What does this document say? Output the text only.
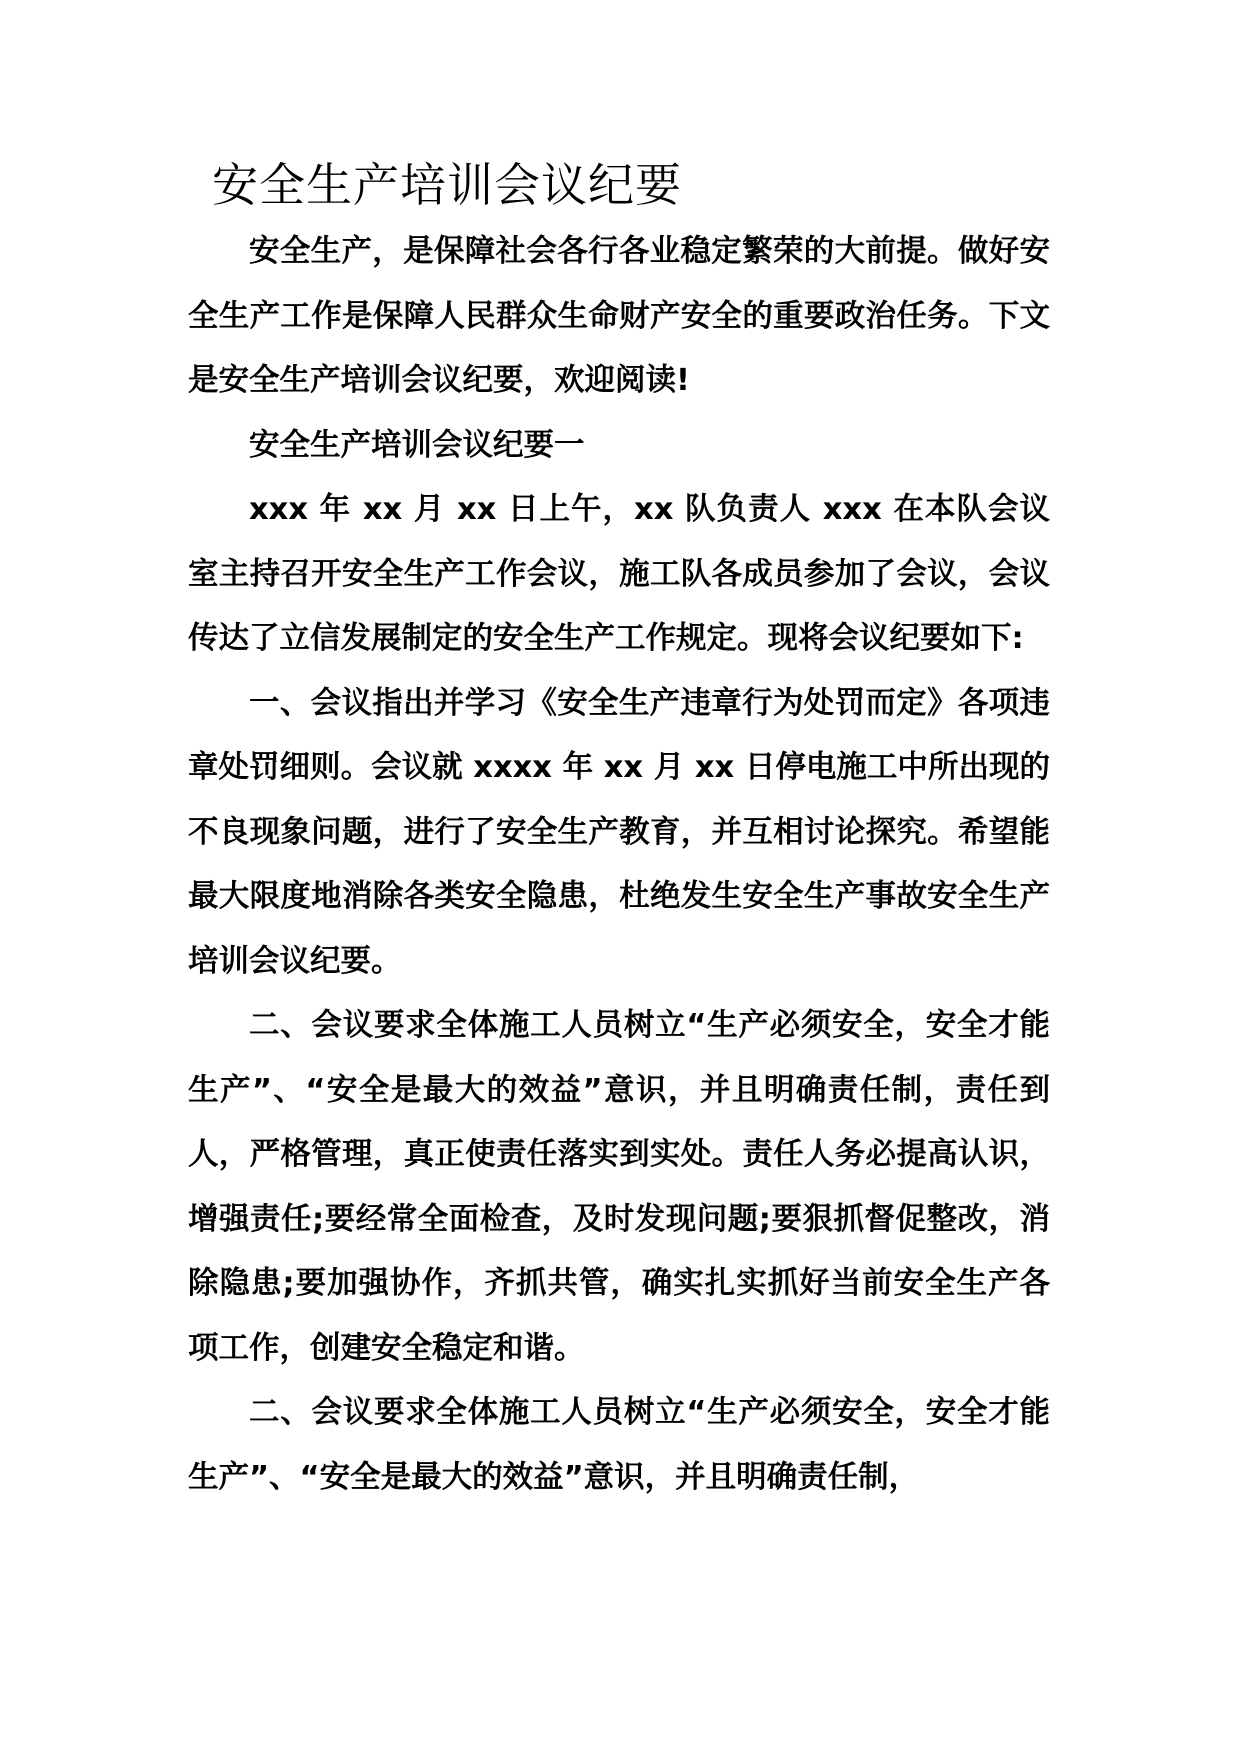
安全生产培训会议纪要

安全生产，是保障社会各行各业稳定繁荣的大前提。做好安全生产工作是保障人民群众生命财产安全的重要政治任务。下文是安全生产培训会议纪要，欢迎阅读!

安全生产培训会议纪要一

xxx 年 xx 月 xx 日上午，xx 队负责人 xxx 在本队会议室主持召开安全生产工作会议，施工队各成员参加了会议，会议传达了立信发展制定的安全生产工作规定。现将会议纪要如下:

一、会议指出并学习《安全生产违章行为处罚而定》各项违章处罚细则。会议就 xxxx 年 xx 月 xx 日停电施工中所出现的不良现象问题，进行了安全生产教育，并互相讨论探究。希望能最大限度地消除各类安全隐患，杜绝发生安全生产事故安全生产培训会议纪要。

二、会议要求全体施工人员树立“生产必须安全，安全才能生产”、“安全是最大的效益”意识，并且明确责任制，责任到人，严格管理，真正使责任落实到实处。责任人务必提高认识，增强责任;要经常全面检查，及时发现问题;要狠抓督促整改，消除隐患;要加强协作，齐抓共管，确实扎实抓好当前安全生产各项工作，创建安全稳定和谐。

二、会议要求全体施工人员树立“生产必须安全，安全才能生产”、“安全是最大的效益”意识，并且明确责任制，
